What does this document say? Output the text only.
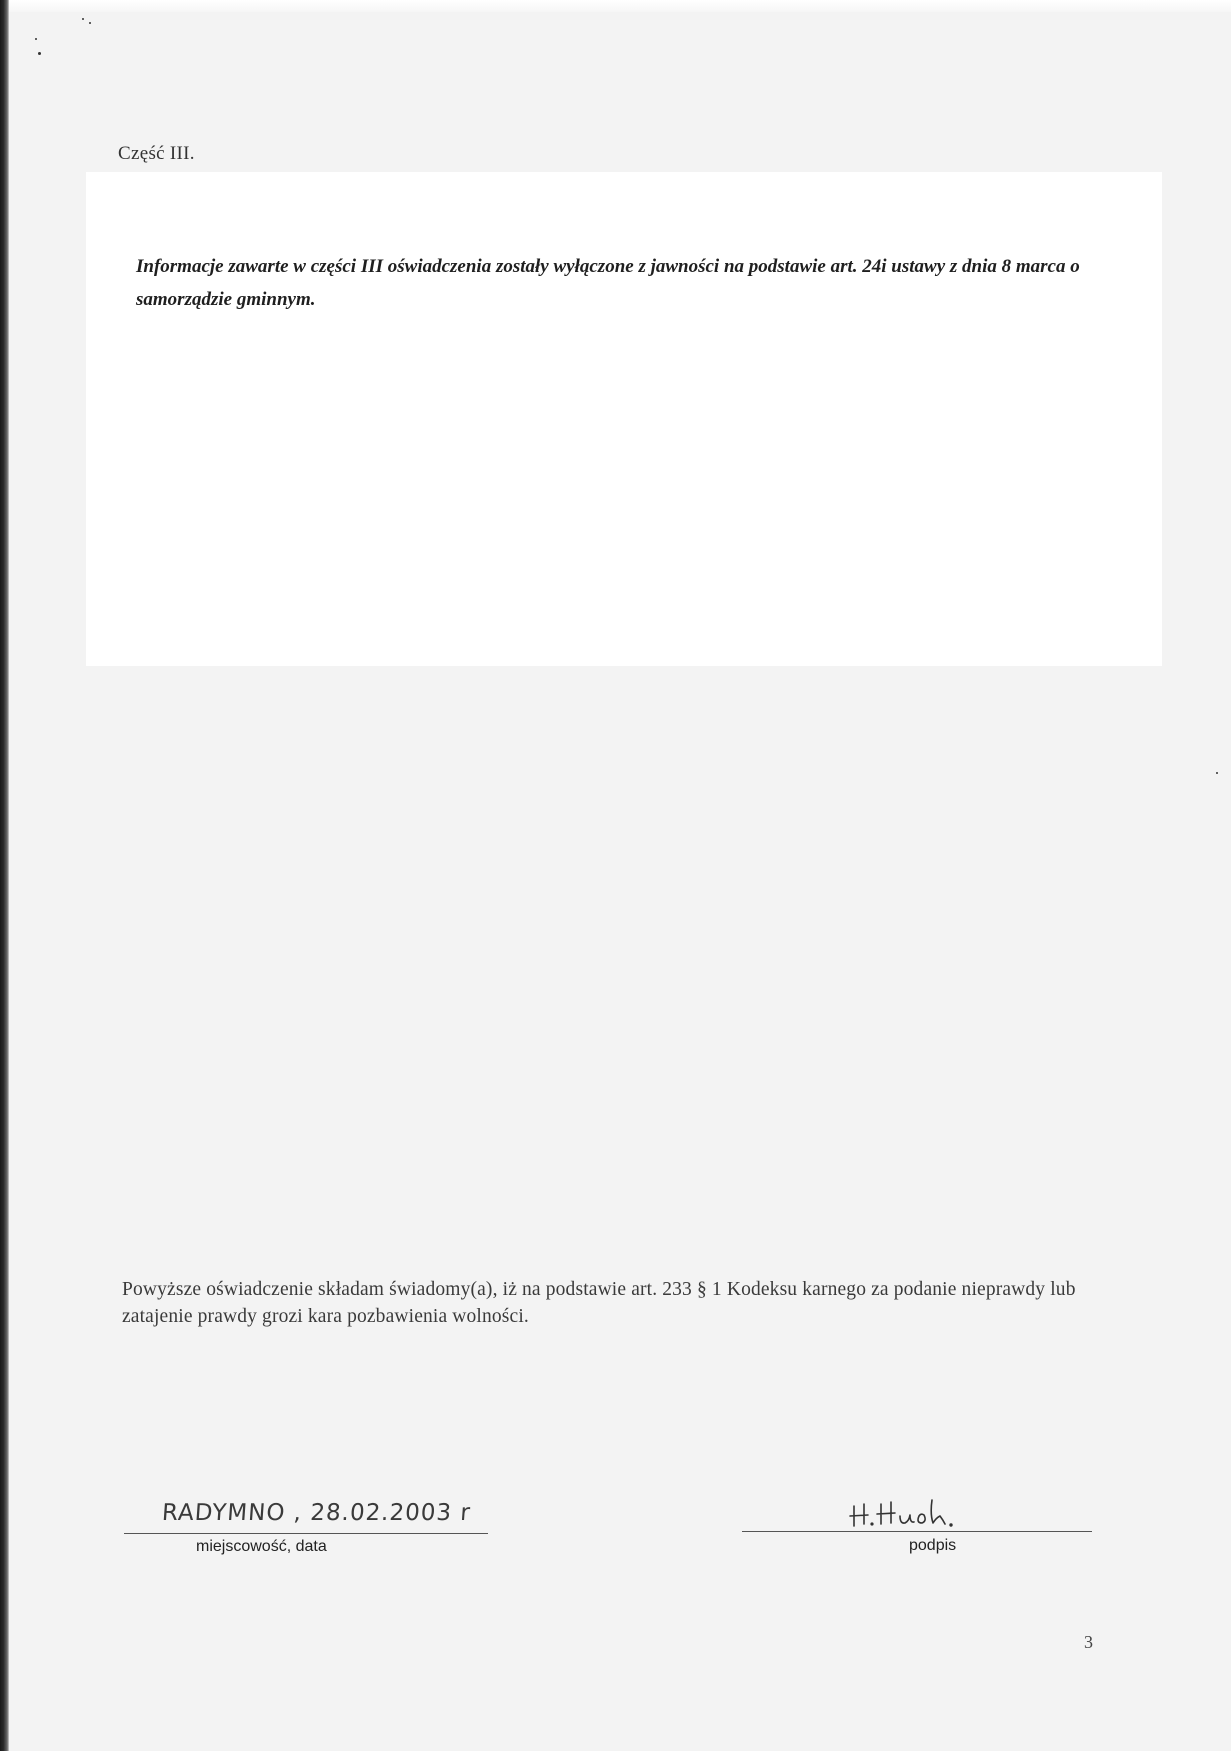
Część III.
Informacje zawarte w części III oświadczenia zostały wyłączone z jawności na podstawie art. 24i ustawy z dnia 8 marca o samorządzie gminnym.
Powyższe oświadczenie składam świadomy(a), iż na podstawie art. 233 § 1 Kodeksu karnego za podanie nieprawdy lub zatajenie prawdy grozi kara pozbawienia wolności.
RADYMNO , 28.02.2003 r
miejscowość, data	podpis
3
